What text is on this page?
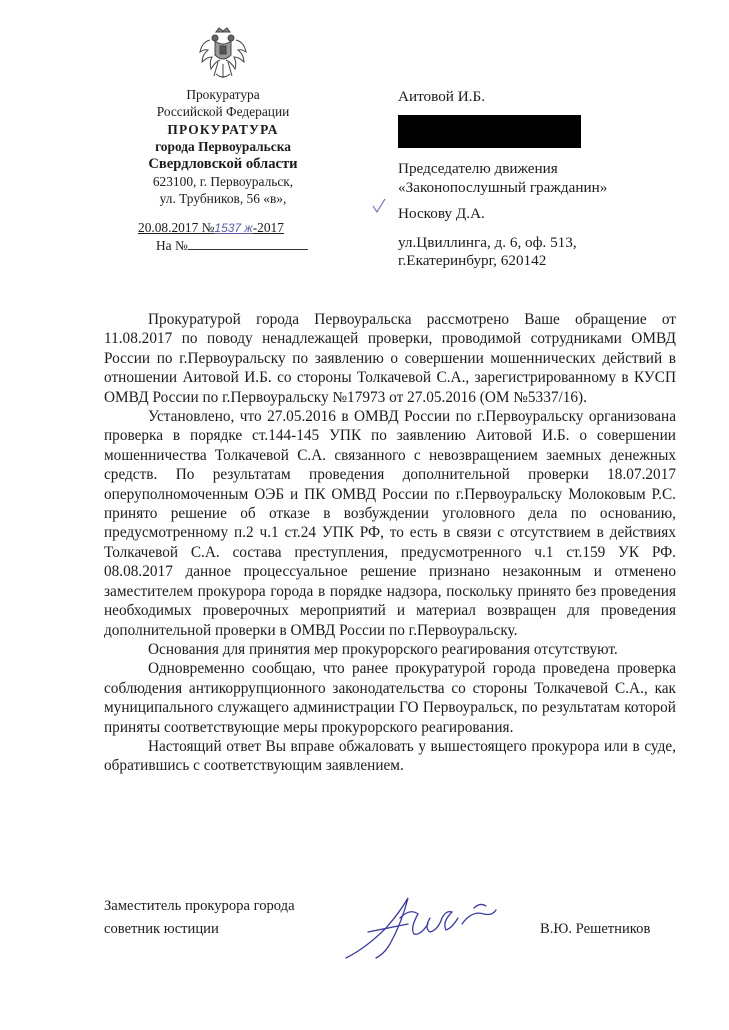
Прокуратура
Российской Федерации
ПРОКУРАТУРА
города Первоуральска
Свердловской области
623100, г. Первоуральск,
ул. Трубников, 56 «в»,
20.08.2017 №1537 ж-2017
На №
Аитовой И.Б.
Председателю движения
«Законопослушный гражданин»
Носкову Д.А.
ул.Цвиллинга, д. 6, оф. 513,
г.Екатеринбург, 620142

Прокуратурой города Первоуральска рассмотрено Ваше обращение от 11.08.2017 по поводу ненадлежащей проверки, проводимой сотрудниками ОМВД России по г.Первоуральску по заявлению о совершении мошеннических действий в отношении Аитовой И.Б. со стороны Толкачевой С.А., зарегистрированному в КУСП ОМВД России по г.Первоуральску №17973 от 27.05.2016 (ОМ №5337/16).

Установлено, что 27.05.2016 в ОМВД России по г.Первоуральску организована проверка в порядке ст.144-145 УПК по заявлению Аитовой И.Б. о совершении мошенничества Толкачевой С.А. связанного с невозвращением заемных денежных средств. По результатам проведения дополнительной проверки 18.07.2017 оперуполномоченным ОЭБ и ПК ОМВД России по г.Первоуральску Молоковым Р.С. принято решение об отказе в возбуждении уголовного дела по основанию, предусмотренному п.2 ч.1 ст.24 УПК РФ, то есть в связи с отсутствием в действиях Толкачевой С.А. состава преступления, предусмотренного ч.1 ст.159 УК РФ. 08.08.2017 данное процессуальное решение признано незаконным и отменено заместителем прокурора города в порядке надзора, поскольку принято без проведения необходимых проверочных мероприятий и материал возвращен для проведения дополнительной проверки в ОМВД России по г.Первоуральску.

Основания для принятия мер прокурорского реагирования отсутствуют.

Одновременно сообщаю, что ранее прокуратурой города проведена проверка соблюдения антикоррупционного законодательства со стороны Толкачевой С.А., как муниципального служащего администрации ГО Первоуральск, по результатам которой приняты соответствующие меры прокурорского реагирования.

Настоящий ответ Вы вправе обжаловать у вышестоящего прокурора или в суде, обратившись с соответствующим заявлением.

Заместитель прокурора города
советник юстиции	В.Ю. Решетников
